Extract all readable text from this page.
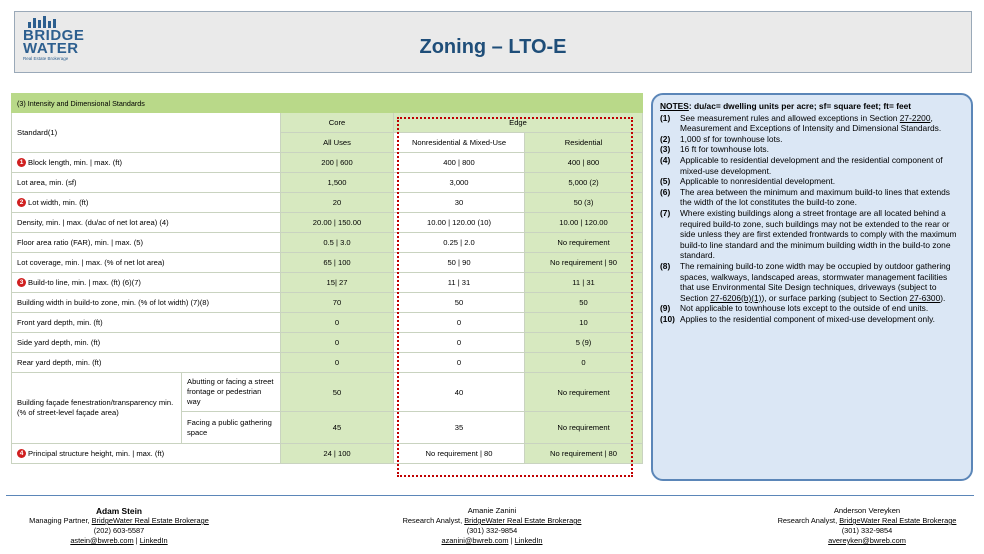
BRIDGE
WATER
Real Estate Brokerage
Zoning – LTO-E
(3) Intensity and Dimensional Standards				
Standard(1)		Core	Edge	
		All Uses	Nonresidential & Mixed-Use	Residential
1 Block length, min. | max. (ft)		200 | 600	400 | 800	400 | 800
Lot area, min. (sf)		1,500	3,000	5,000 (2)
2 Lot width, min. (ft)		20	30	50 (3)
Density, min. | max. (du/ac of net lot area) (4)		20.00 | 150.00	10.00 | 120.00 (10)	10.00 | 120.00
Floor area ratio (FAR), min. | max. (5)		0.5 | 3.0	0.25 | 2.0	No requirement
Lot coverage, min. | max. (% of net lot area)		65 | 100	50 | 90	No requirement | 90
3 Build-to line, min. | max. (ft) (6)(7)		15| 27	11 | 31	11 | 31
Building width in build-to zone, min. (% of lot width) (7)(8)		70	50	50
Front yard depth, min. (ft)		0	0	10
Side yard depth, min. (ft)		0	0	5 (9)
Rear yard depth, min. (ft)		0	0	0
Building façade fenestration/transparency min. (% of street-level façade area)	Abutting or facing a street frontage or pedestrian way	50	40	No requirement
	Facing a public gathering space	45	35	No requirement
4 Principal structure height, min. | max. (ft)		24 | 100	No requirement | 80	No requirement | 80
NOTES: du/ac= dwelling units per acre; sf= square feet; ft= feet
(1)	See measurement rules and allowed exceptions in Section 27-2200, Measurement and Exceptions of Intensity and Dimensional Standards.
(2)	1,000 sf for townhouse lots.
(3)	16 ft for townhouse lots.
(4)	Applicable to residential development and the residential component of mixed-use development.
(5)	Applicable to nonresidential development.
(6)	The area between the minimum and maximum build-to lines that extends the width of the lot constitutes the build-to zone.
(7)	Where existing buildings along a street frontage are all located behind a required build-to zone, such buildings may not be extended to the rear or side unless they are first extended frontwards to comply with the maximum build-to line standard and the minimum building width in the build-to zone standard.
(8)	The remaining build-to zone width may be occupied by outdoor gathering spaces, walkways, landscaped areas, stormwater management facilities that use Environmental Site Design techniques, driveways (subject to Section 27-6206(b)(1)), or surface parking (subject to Section 27-6300).
(9)	Not applicable to townhouse lots except to the outside of end units.
(10) Applies to the residential component of mixed-use development only.
Adam Stein
Managing Partner, BridgeWater Real Estate Brokerage
(202) 603-5587
astein@bwreb.com | LinkedIn
Amanie Zanini
Research Analyst, BridgeWater Real Estate Brokerage
(301) 332-9854
azanini@bwreb.com | LinkedIn
Anderson Vereyken
Research Analyst, BridgeWater Real Estate Brokerage
(301) 332-9854
avereyken@bwreb.com
